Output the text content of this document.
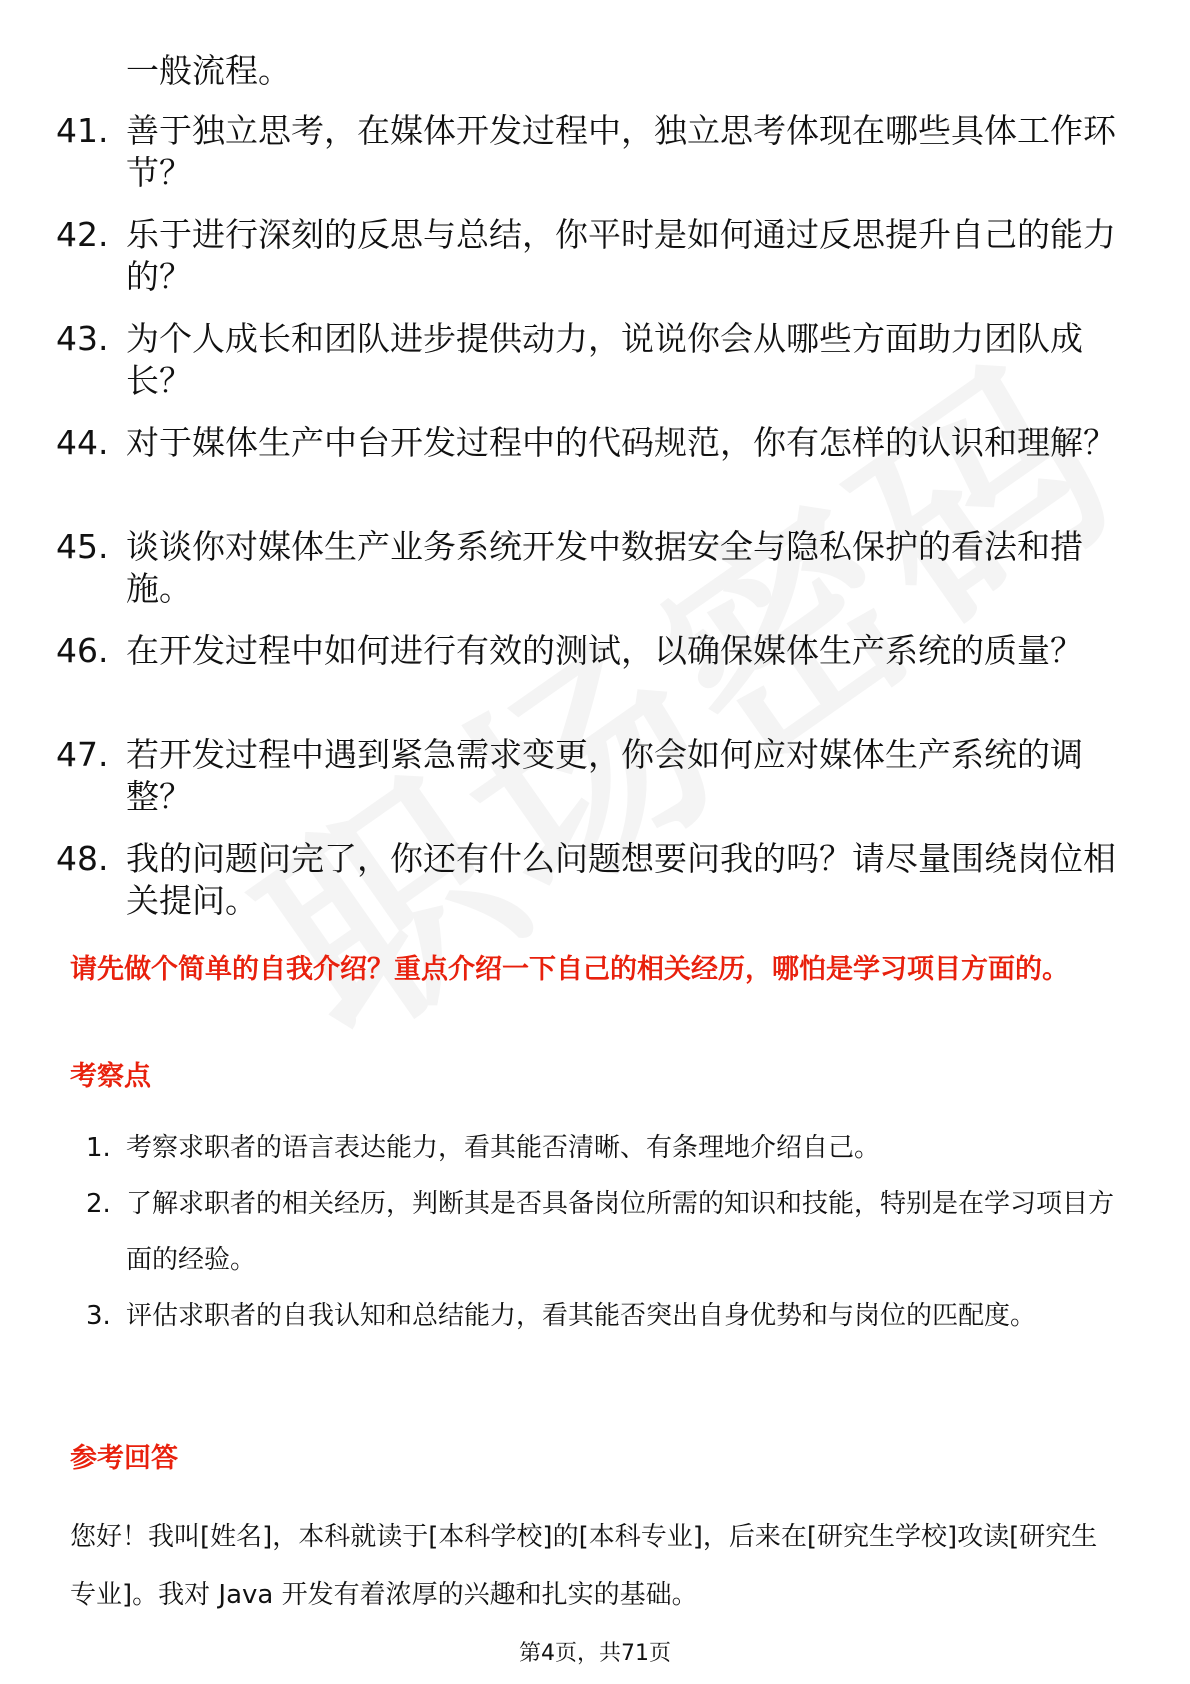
一般流程。
41. 善于独立思考，在媒体开发过程中，独立思考体现在哪些具体工作环节？
42. 乐于进行深刻的反思与总结，你平时是如何通过反思提升自己的能力的？
43. 为个人成长和团队进步提供动力，说说你会从哪些方面助力团队成长？
44. 对于媒体生产中台开发过程中的代码规范，你有怎样的认识和理解？
45. 谈谈你对媒体生产业务系统开发中数据安全与隐私保护的看法和措施。
46. 在开发过程中如何进行有效的测试，以确保媒体生产系统的质量？
47. 若开发过程中遇到紧急需求变更，你会如何应对媒体生产系统的调整？
48. 我的问题问完了，你还有什么问题想要问我的吗？请尽量围绕岗位相关提问。
请先做个简单的自我介绍？重点介绍一下自己的相关经历，哪怕是学习项目方面的。
考察点
1. 考察求职者的语言表达能力，看其能否清晰、有条理地介绍自己。
2. 了解求职者的相关经历，判断其是否具备岗位所需的知识和技能，特别是在学习项目方面的经验。
3. 评估求职者的自我认知和总结能力，看其能否突出自身优势和与岗位的匹配度。
参考回答
您好！我叫[姓名]，本科就读于[本科学校]的[本科专业]，后来在[研究生学校]攻读[研究生专业]。我对 Java 开发有着浓厚的兴趣和扎实的基础。
第4页，共71页
